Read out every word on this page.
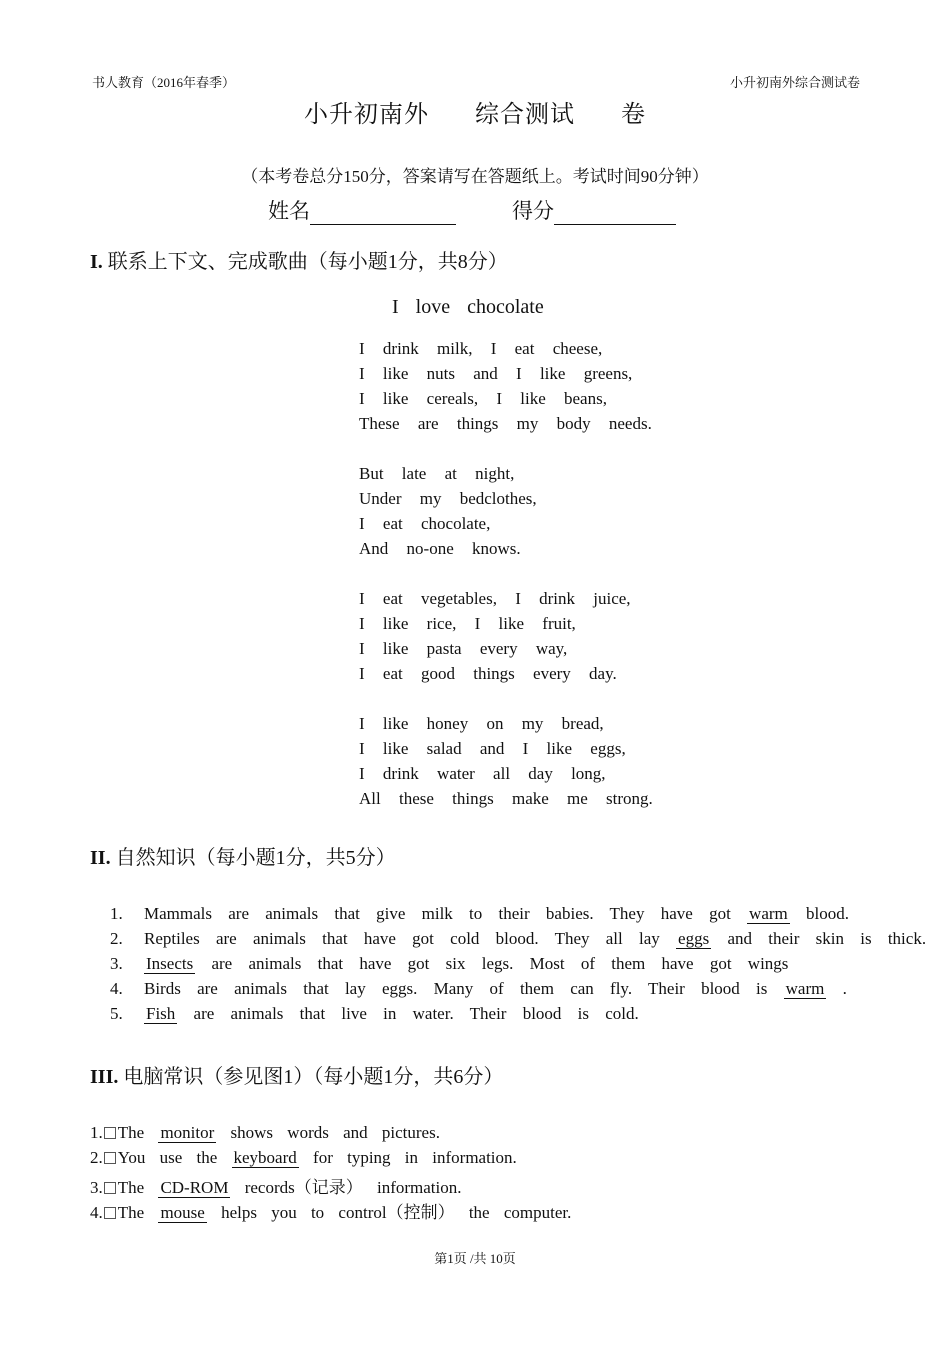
书人教育（2016年春季）	小升初南外综合测试卷
小升初南外 综合测试 卷
（本考卷总分150分，答案请写在答题纸上。考试时间90分钟）
姓名	得分
I. 联系上下文、完成歌曲（每小题1分，共8分）
I love chocolate
I drink milk, I eat cheese,
I like nuts and I like greens,
I like cereals, I like beans,
These are things my body needs.
But late at night,
Under my bedclothes,
I eat chocolate,
And no-one knows.
I eat vegetables, I drink juice,
I like rice, I like fruit,
I like pasta every way,
I eat good things every day.
I like honey on my bread,
I like salad and I like eggs,
I drink water all day long,
All these things make me strong.
II. 自然知识（每小题1分，共5分）
1. Mammals are animals that give milk to their babies. They have got warm blood.
2. Reptiles are animals that have got cold blood. They all lay eggs and their skin is thick.
3. Insects are animals that have got six legs. Most of them have got wings
4. Birds are animals that lay eggs. Many of them can fly. Their blood is warm .
5. Fish are animals that live in water. Their blood is cold.
III. 电脑常识（参见图1）（每小题1分，共6分）
1. The monitor shows words and pictures.
2. You use the keyboard for typing in information.
3. The CD-ROM records（记录） information.
4. The mouse helps you to control（控制） the computer.
第1页 /共 10页
